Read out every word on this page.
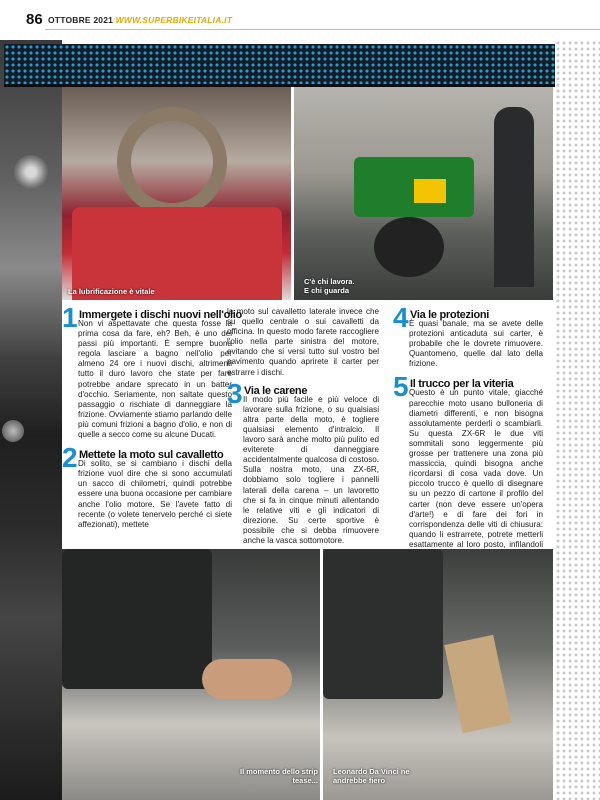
86 OTTOBRE 2021 WWW.SUPERBIKEITALIA.IT
La lubrificazione è vitale
C'è chi lavora.
E chi guarda
1 Immergete i dischi nuovi nell'olio

Non vi aspettavate che questa fosse la prima cosa da fare, eh? Beh, è uno dei passi più importanti. È sempre buona regola lasciare a bagno nell'olio per almeno 24 ore i nuovi dischi, altrimenti tutto il duro lavoro che state per fare potrebbe andare sprecato in un batter d'occhio. Seriamente, non saltate questo passaggio o rischiate di danneggiare la frizione. Ovviamente stiamo parlando delle più comuni frizioni a bagno d'olio, e non di quelle a secco come su alcune Ducati.

2 Mettete la moto sul cavalletto

Di solito, se si cambiano i dischi della frizione vuol dire che si sono accumulati un sacco di chilometri, quindi potrebbe essere una buona occasione per cambiare anche l'olio motore. Se l'avete fatto di recente (o volete tenervelo perché ci siete affezionati), mettete

la moto sul cavalletto laterale invece che su quello centrale o sui cavalletti da officina. In questo modo farete raccogliere l'olio nella parte sinistra del motore, evitando che si versi tutto sul vostro bel pavimento quando aprirete il carter per estrarre i dischi.

3 Via le carene

Il modo più facile e più veloce di lavorare sulla frizione, o su qualsiasi altra parte della moto, è togliere qualsiasi elemento d'intralcio. Il lavoro sarà anche molto più pulito ed eviterete di danneggiare accidentalmente qualcosa di costoso. Sulla nostra moto, una ZX-6R, dobbiamo solo togliere i pannelli laterali della carena – un lavoretto che si fa in cinque minuti allentando le relative viti e gli indicatori di direzione. Su certe sportive è possibile che si debba rimuovere anche la vasca sottomotore.

4 Via le protezioni

È quasi banale, ma se avete delle protezioni anticaduta sui carter, è probabile che le dovrete rimuovere. Quantomeno, quelle dal lato della frizione.

5 Il trucco per la viteria

Questo è un punto vitale, giacché parecchie moto usano bulloneria di diametri differenti, e non bisogna assolutamente perderli o scambiarli. Su questa ZX-6R le due viti sommitali sono leggermente più grosse per trattenere una zona più massiccia, quindi bisogna anche ricordarsi di cosa vada dove. Un piccolo trucco è quello di disegnare su un pezzo di cartone il profilo del carter (non deve essere un'opera d'arte!) e di fare dei fori in corrispondenza delle viti di chiusura: quando li estrarrete, potrete metterli esattamente al loro posto, infilandoli

Il momento dello strip
tease...
Leonardo Da Vinci ne
andrebbe fiero
